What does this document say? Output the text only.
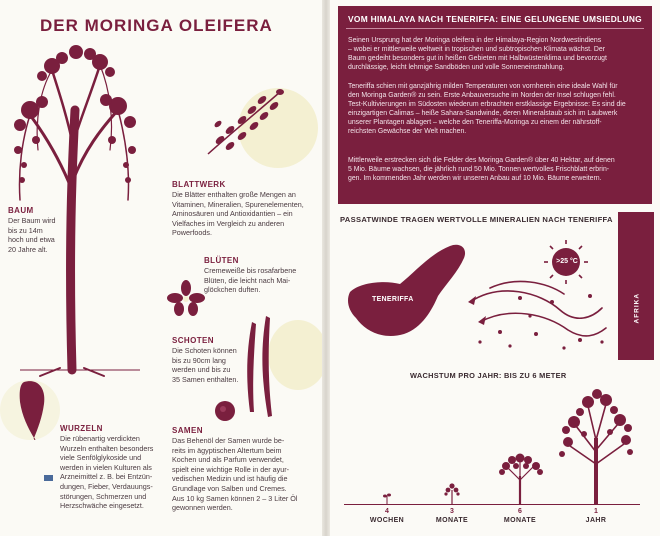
DER MORINGA OLEIFERA
BAUM
Der Baum wird
bis zu 14m
hoch und etwa
20 Jahre alt.
BLATTWERK
Die Blätter enthalten große Mengen an
Vitaminen, Mineralien, Spurenelementen,
Aminosäuren und Antioxidantien – ein
Vielfaches im Vergleich zu anderen
Powerfoods.
BLÜTEN
Cremeweiße bis rosafarbene
Blüten, die leicht nach Mai-
glöckchen duften.
SCHOTEN
Die Schoten können
bis zu 90cm lang
werden und bis zu
35 Samen enthalten.
WURZELN
Die rübenartig verdickten
Wurzeln enthalten besonders
viele Senfölglykoside und
werden in vielen Kulturen als
Arzneimittel z. B. bei Entzün-
dungen, Fieber, Verdauungs-
störungen, Schmerzen und
Herzschwäche eingesetzt.
SAMEN
Das Behenöl der Samen wurde be-
reits im ägyptischen Altertum beim
Kochen und als Parfum verwendet,
spielt eine wichtige Rolle in der ayur-
vedischen Medizin und ist häufig die
Grundlage von Salben und Cremes.
Aus 10 kg Samen können 2 – 3 Liter Öl
gewonnen werden.
VOM HIMALAYA NACH TENERIFFA: EINE GELUNGENE UMSIEDLUNG
Seinen Ursprung hat der Moringa oleifera in der Himalaya-Region Nordwestindiens
– wobei er mittlerweile weltweit in tropischen und subtropischen Klimata wächst. Der
Baum gedeiht besonders gut in heißen Gebieten mit Halbwüstenklima und bevorzugt
durchlässige, leicht lehmige Sandböden und volle Sonneneinstrahlung.
Teneriffa schien mit ganzjährig milden Temperaturen von vornherein eine ideale Wahl für
den Moringa Garden® zu sein. Erste Anbauversuche im Norden der Insel schlugen fehl.
Test-Kultivierungen im Südosten wiederum erbrachten erstklassige Ergebnisse: Es sind die
einzigartigen Calimas – heiße Sahara-Sandwinde, deren Mineralstaub sich im Laubwerk
unserer Plantagen ablagert – welche den Teneriffa-Moringa zu einem der nährstoff-
reichsten Gewächse der Welt machen.
Mittlerweile erstrecken sich die Felder des Moringa Garden® über 40 Hektar, auf denen
5 Mio. Bäume wachsen, die jährlich rund 50 Mio. Tonnen wertvolles Frischblatt erbrin-
gen. Im kommenden Jahr werden wir unseren Anbau auf 10 Mio. Bäume erweitern.
PASSATWINDE TRAGEN WERTVOLLE MINERALIEN NACH TENERIFFA
AFRIKA
TENERIFFA
>25 °C
WACHSTUM PRO JAHR: BIS ZU 6 METER
4
WOCHEN
3
MONATE
6
MONATE
1
JAHR
